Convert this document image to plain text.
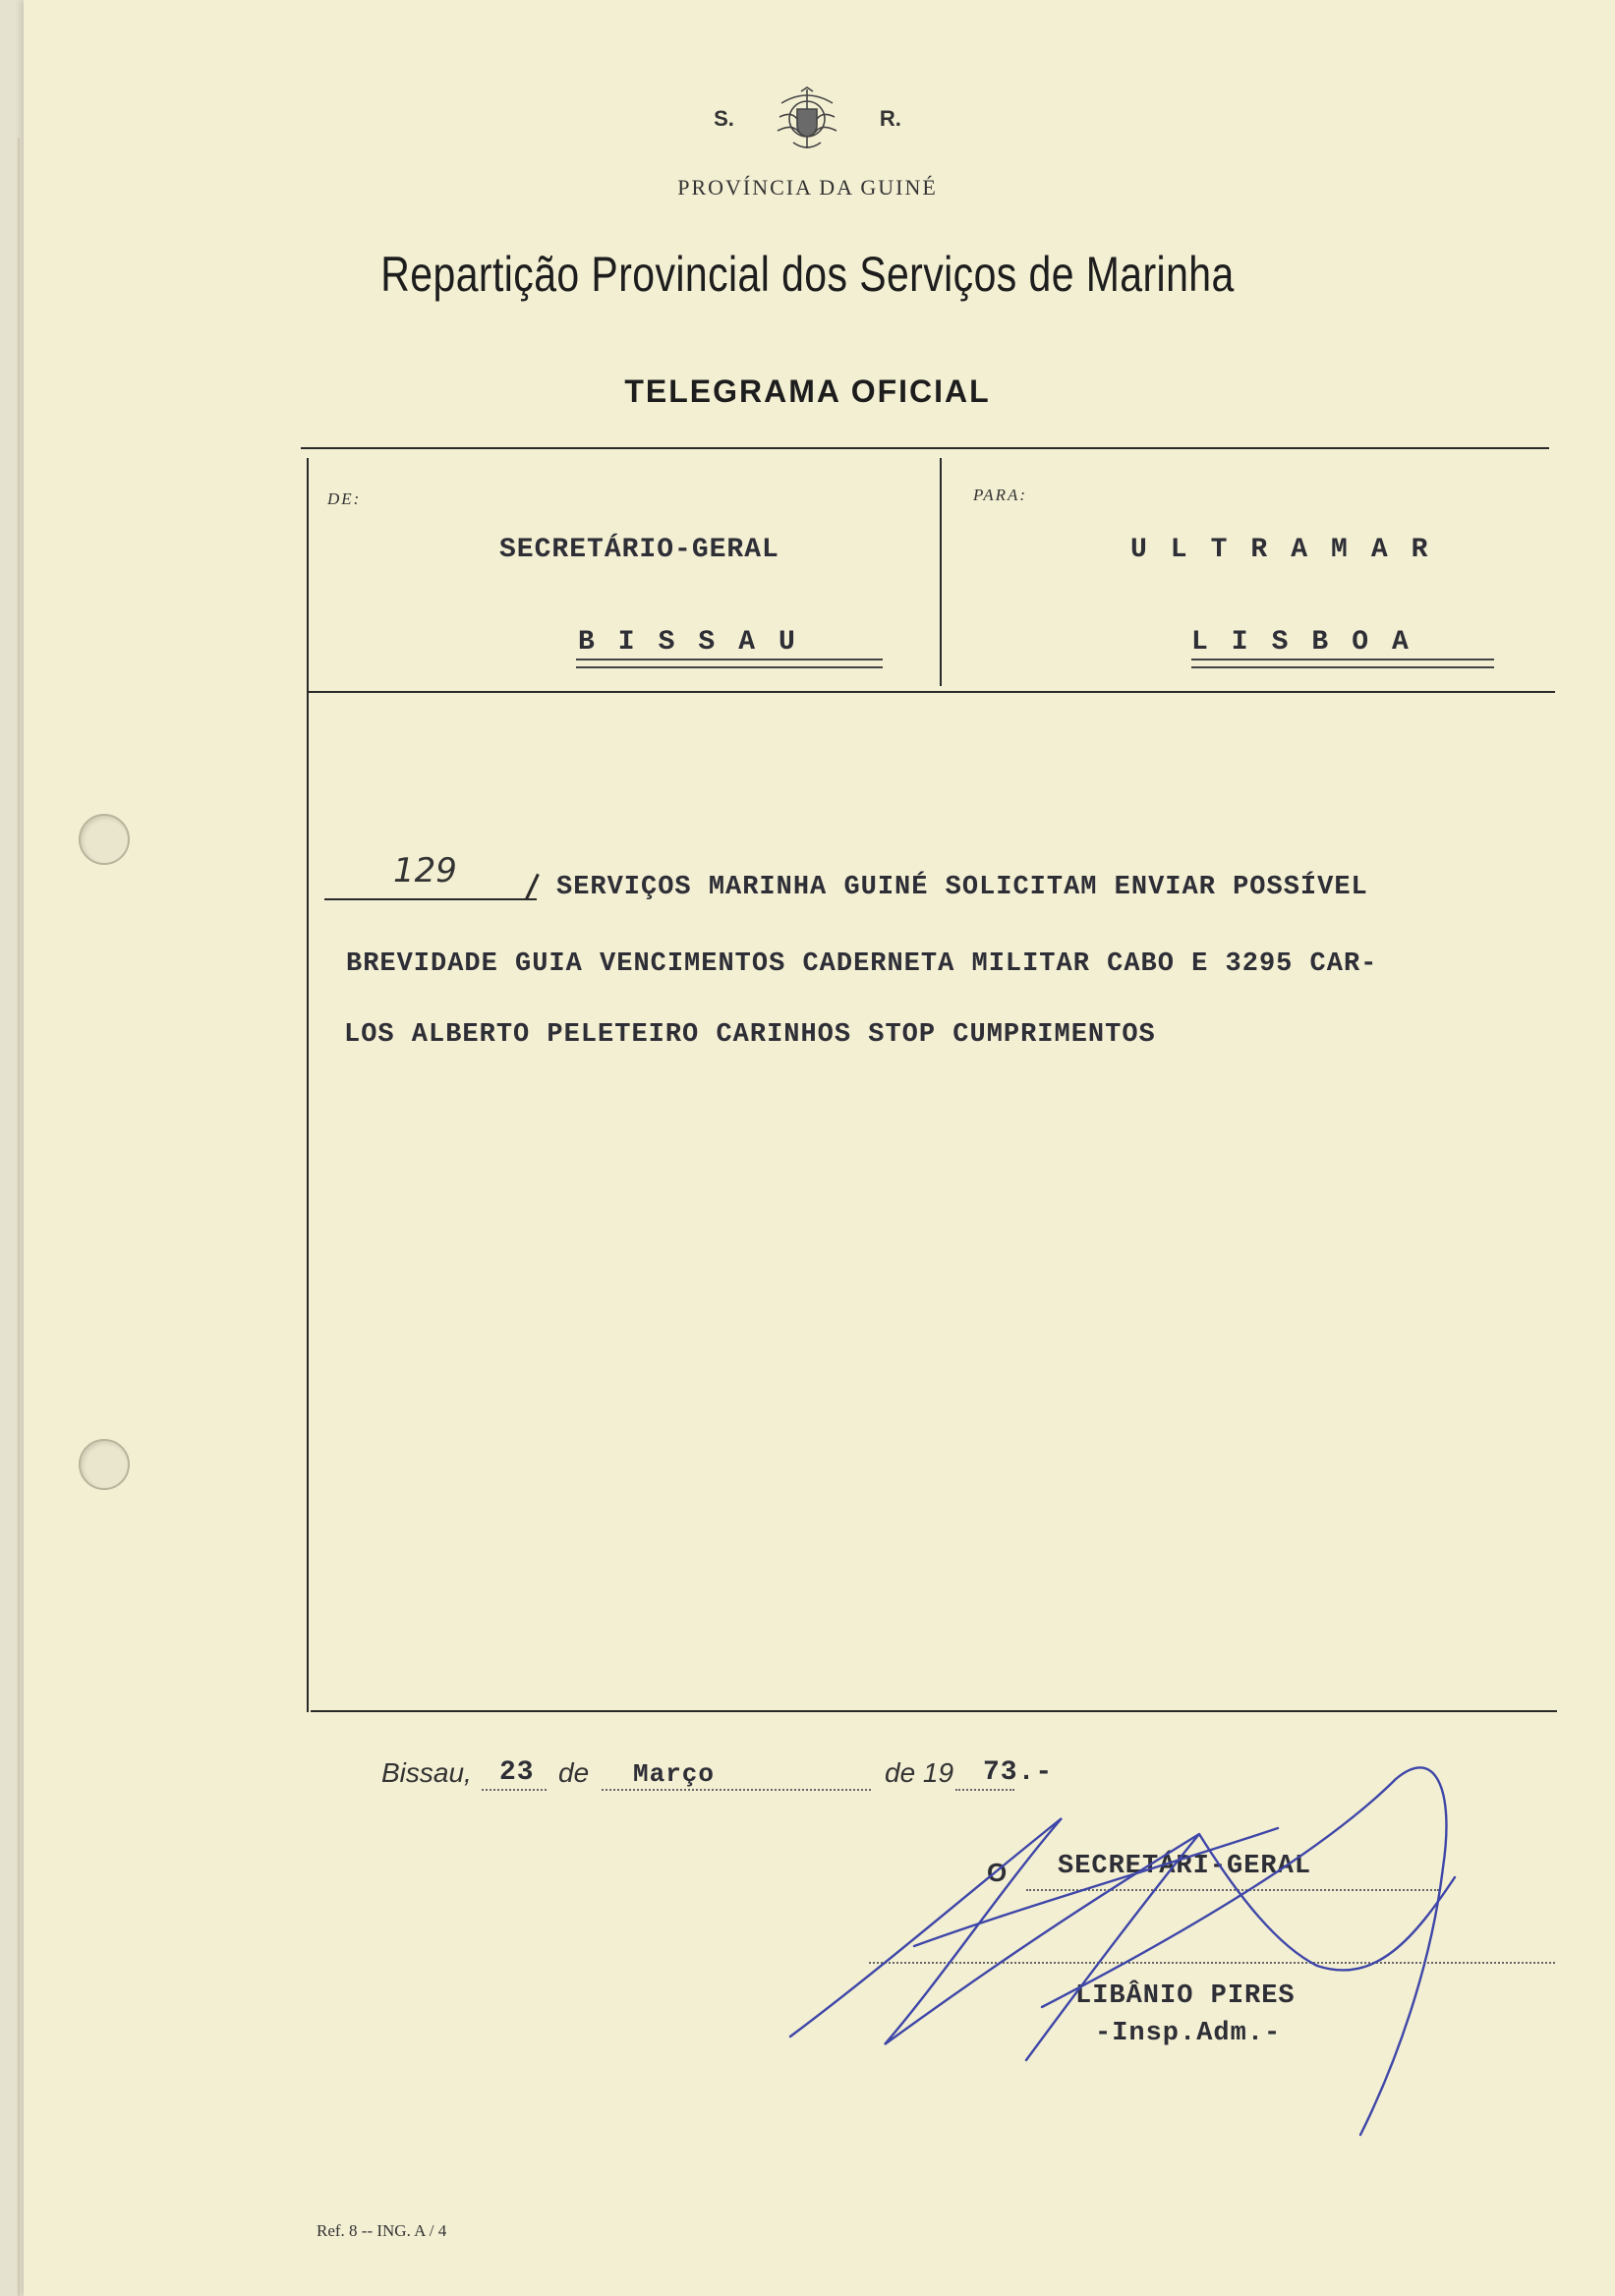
S.	R.
PROVÍNCIA DA GUINÉ
Repartição Provincial dos Serviços de Marinha
TELEGRAMA OFICIAL
DE:
SECRETÁRIO-GERAL
BISSAU
PARA:
ULTRAMAR
LISBOA
129	SERVIÇOS MARINHA GUINÉ SOLICITAM ENVIAR POSSÍVEL
BREVIDADE GUIA VENCIMENTOS CADERNETA MILITAR CABO E 3295 CAR-
LOS ALBERTO PELETEIRO CARINHOS STOP CUMPRIMENTOS
Bissau, 23 de Março	de 19 73.-
O SECRETÁRI-GERAL
LIBÂNIO PIRES
-Insp.Adm.-
Ref. 8 -- ING. A / 4
